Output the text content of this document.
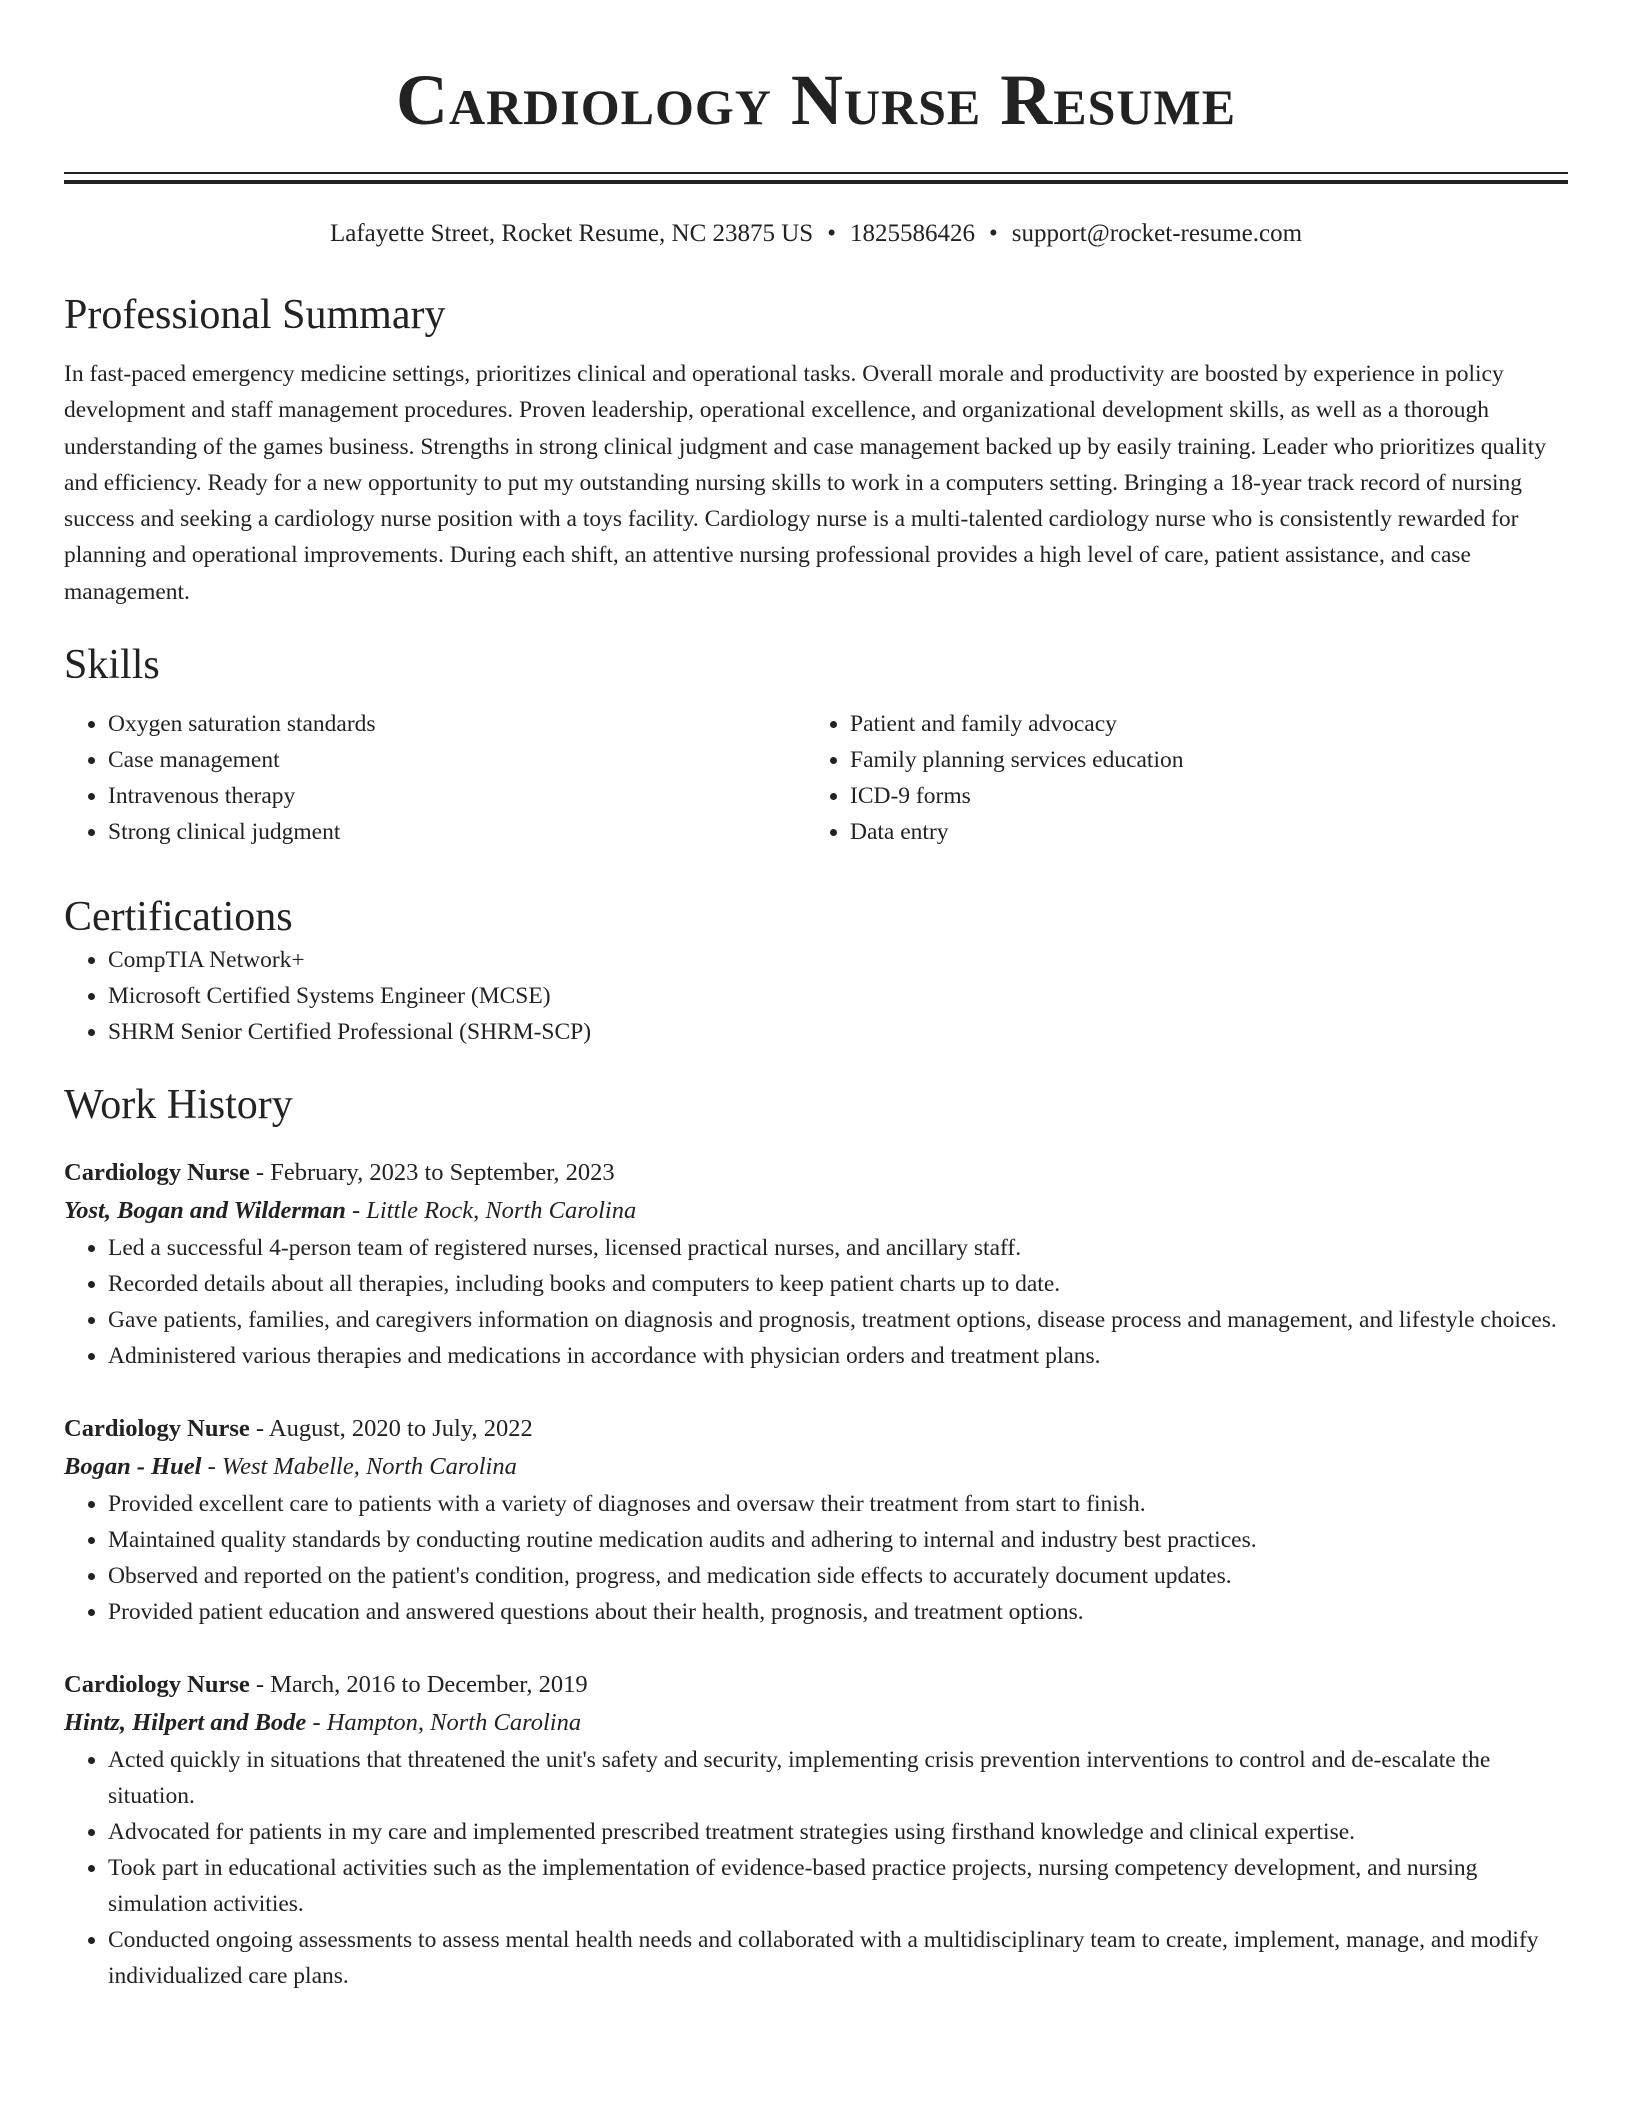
Cardiology Nurse Resume
Lafayette Street, Rocket Resume, NC 23875 US • 1825586426 • support@rocket-resume.com
Professional Summary

In fast-paced emergency medicine settings, prioritizes clinical and operational tasks. Overall morale and productivity are boosted by experience in policy development and staff management procedures. Proven leadership, operational excellence, and organizational development skills, as well as a thorough understanding of the games business. Strengths in strong clinical judgment and case management backed up by easily training. Leader who prioritizes quality and efficiency. Ready for a new opportunity to put my outstanding nursing skills to work in a computers setting. Bringing a 18-year track record of nursing success and seeking a cardiology nurse position with a toys facility. Cardiology nurse is a multi-talented cardiology nurse who is consistently rewarded for planning and operational improvements. During each shift, an attentive nursing professional provides a high level of care, patient assistance, and case management.

Skills
• Oxygen saturation standards
• Case management
• Intravenous therapy
• Strong clinical judgment
• Patient and family advocacy
• Family planning services education
• ICD-9 forms
• Data entry
Certifications
• CompTIA Network+
• Microsoft Certified Systems Engineer (MCSE)
• SHRM Senior Certified Professional (SHRM-SCP)
Work History
Cardiology Nurse - February, 2023 to September, 2023
Yost, Bogan and Wilderman - Little Rock, North Carolina
• Led a successful 4-person team of registered nurses, licensed practical nurses, and ancillary staff.
• Recorded details about all therapies, including books and computers to keep patient charts up to date.
• Gave patients, families, and caregivers information on diagnosis and prognosis, treatment options, disease process and management, and lifestyle choices.
• Administered various therapies and medications in accordance with physician orders and treatment plans.
Cardiology Nurse - August, 2020 to July, 2022
Bogan - Huel - West Mabelle, North Carolina
• Provided excellent care to patients with a variety of diagnoses and oversaw their treatment from start to finish.
• Maintained quality standards by conducting routine medication audits and adhering to internal and industry best practices.
• Observed and reported on the patient's condition, progress, and medication side effects to accurately document updates.
• Provided patient education and answered questions about their health, prognosis, and treatment options.
Cardiology Nurse - March, 2016 to December, 2019
Hintz, Hilpert and Bode - Hampton, North Carolina
• Acted quickly in situations that threatened the unit's safety and security, implementing crisis prevention interventions to control and de-escalate the situation.
• Advocated for patients in my care and implemented prescribed treatment strategies using firsthand knowledge and clinical expertise.
• Took part in educational activities such as the implementation of evidence-based practice projects, nursing competency development, and nursing simulation activities.
• Conducted ongoing assessments to assess mental health needs and collaborated with a multidisciplinary team to create, implement, manage, and modify individualized care plans.
